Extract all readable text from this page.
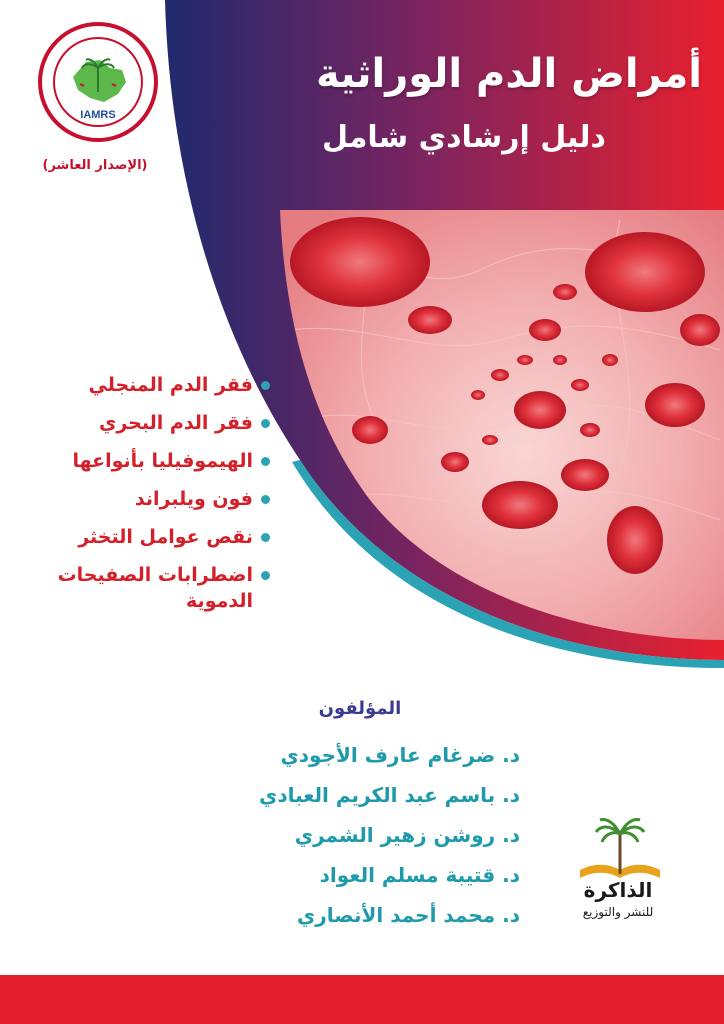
IAMRS
(الإصدار العاشر)
أمراض الدم الوراثية
دليل إرشادي شامل
فقر الدم المنجلي
فقر الدم البحري
الهيموفيليا بأنواعها
فون ويلبراند
نقص عوامل التخثر
اضطرابات الصفيحات الدموية
المؤلفون
د. ضرغام عارف الأجودي
د. باسم عبد الكريم العبادي
د. روشن زهير الشمري
د. قتيبة مسلم العواد
د. محمد أحمد الأنصاري
الذاكرة
للنشر والتوزيع
